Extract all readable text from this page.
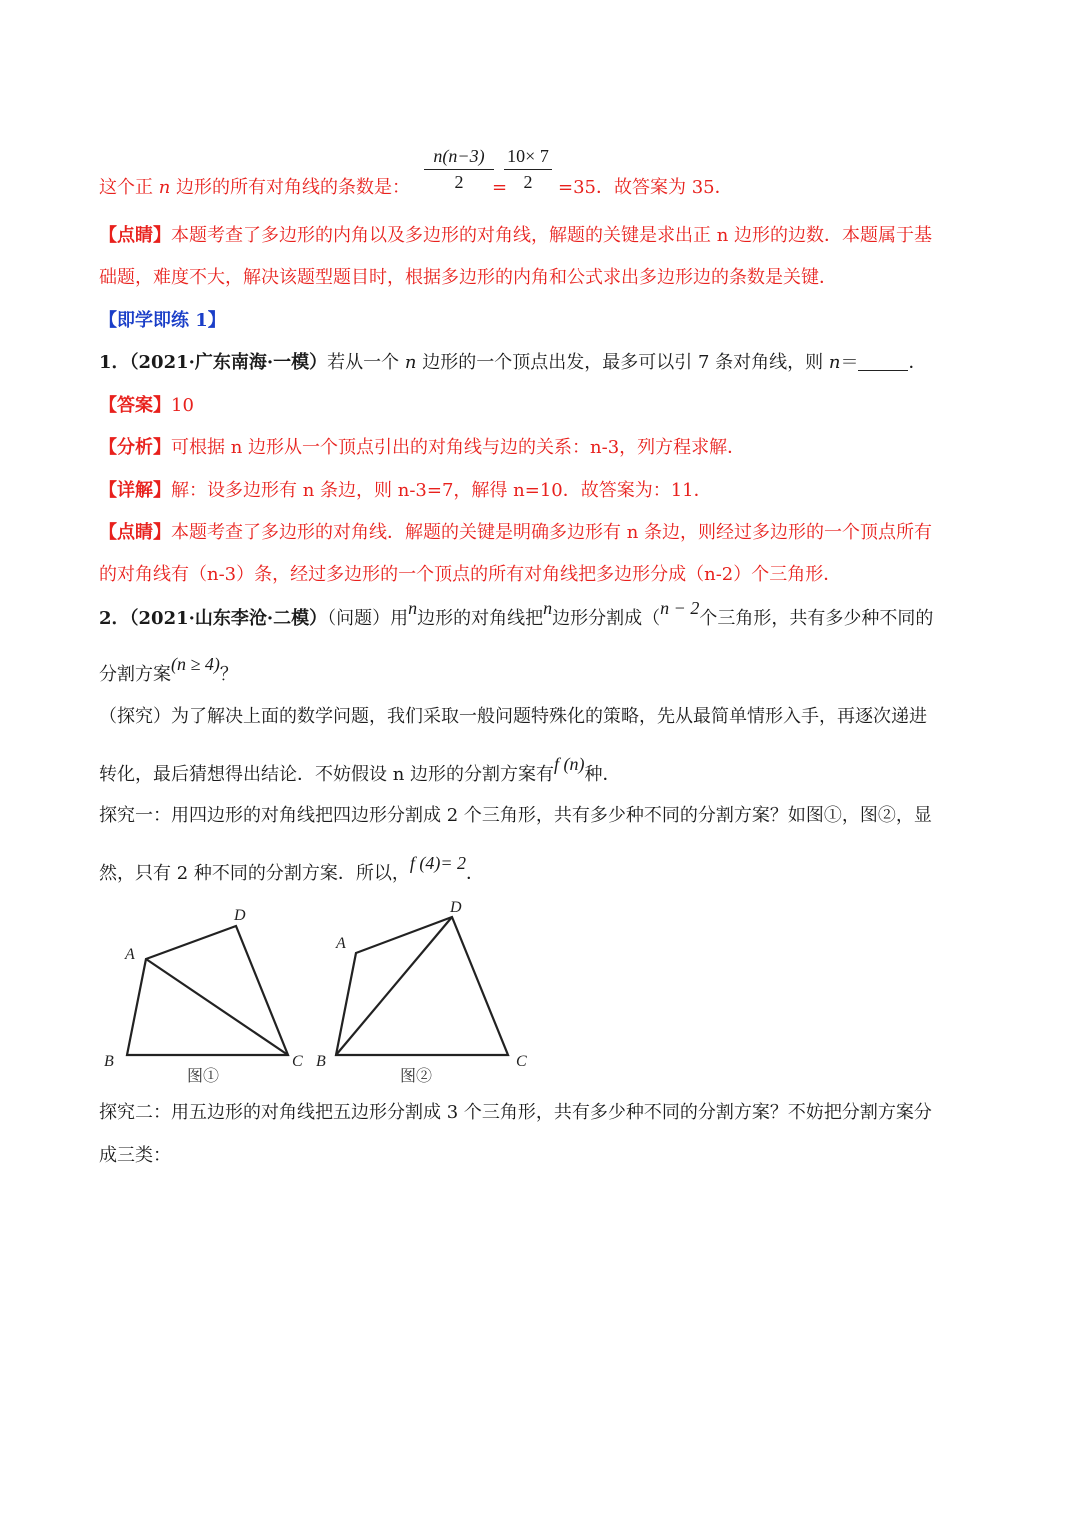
这个正 n 边形的所有对角线的条数是：
n(n−3)
2	=
10× 7
2	=35．故答案为 35．
【点睛】本题考查了多边形的内角以及多边形的对角线，解题的关键是求出正 n 边形的边数．本题属于基
础题，难度不大，解决该题型题目时，根据多边形的内角和公式求出多边形边的条数是关键．
【即学即练 1】
1．（2021·广东南海·一模）若从一个 n 边形的一个顶点出发，最多可以引 7 条对角线，则 n＝	．
【答案】10
【分析】可根据 n 边形从一个顶点引出的对角线与边的关系：n-3，列方程求解．
【详解】解：设多边形有 n 条边，则 n-3=7，解得 n=10．故答案为：11．
【点睛】本题考查了多边形的对角线．解题的关键是明确多边形有 n 条边，则经过多边形的一个顶点所有
的对角线有（n-3）条，经过多边形的一个顶点的所有对角线把多边形分成（n-2）个三角形．
2．（2021·山东李沧·二模）（问题）用n边形的对角线把n边形分割成（n − 2个三角形，共有多少种不同的
分割方案(n ≥ 4)？
（探究）为了解决上面的数学问题，我们采取一般问题特殊化的策略，先从最简单情形入手，再逐次递进
转化，最后猜想得出结论．不妨假设 n 边形的分割方案有f (n)种．
探究一：用四边形的对角线把四边形分割成 2 个三角形，共有多少种不同的分割方案？如图①，图②，显
然，只有 2 种不同的分割方案．所以，f (4)= 2．
A
D
B	C
A
D
B	C
图①	图②
探究二：用五边形的对角线把五边形分割成 3 个三角形，共有多少种不同的分割方案？不妨把分割方案分
成三类：
